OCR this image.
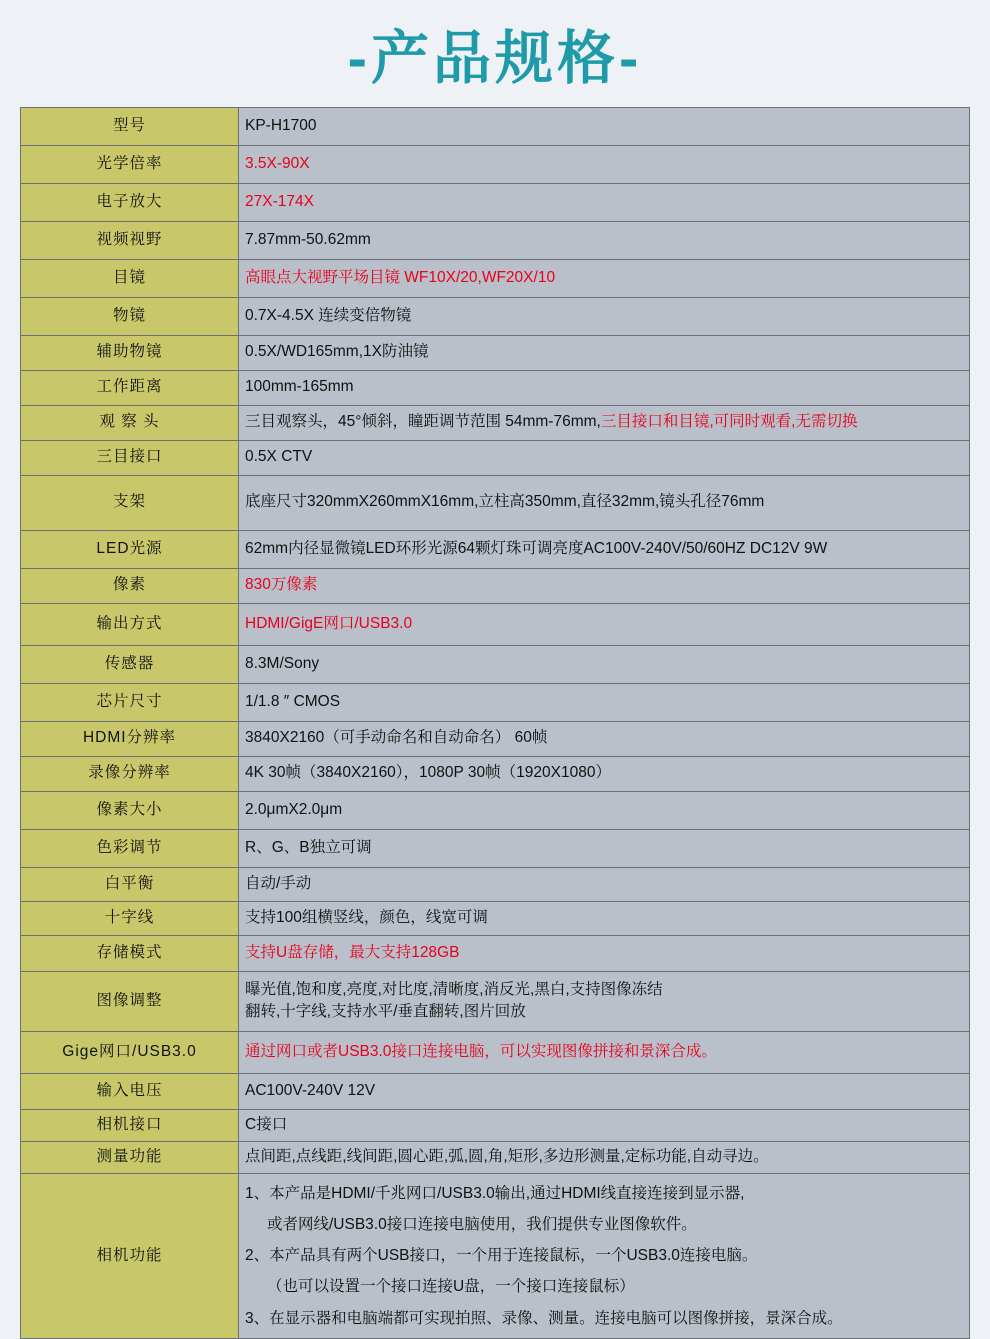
-产品规格-
型号	KP-H1700
光学倍率	3.5X-90X
电子放大	27X-174X
视频视野	7.87mm-50.62mm
目镜	高眼点大视野平场目镜 WF10X/20,WF20X/10
物镜	0.7X-4.5X 连续变倍物镜
辅助物镜	0.5X/WD165mm,1X防油镜
工作距离	100mm-165mm
观 察 头	三目观察头，45°倾斜，瞳距调节范围 54mm-76mm,三目接口和目镜,可同时观看,无需切换
三目接口	0.5X CTV
支架	底座尺寸320mmX260mmX16mm,立柱高350mm,直径32mm,镜头孔径76mm
LED光源	62mm内径显微镜LED环形光源64颗灯珠可调亮度AC100V-240V/50/60HZ DC12V 9W
像素	830万像素
输出方式	HDMI/GigE网口/USB3.0
传感器	8.3M/Sony
芯片尺寸	1/1.8 ″ CMOS
HDMI分辨率	3840X2160（可手动命名和自动命名） 60帧
录像分辨率	4K 30帧（3840X2160），1080P 30帧（1920X1080）
像素大小	2.0μmX2.0μm
色彩调节	R、G、B独立可调
白平衡	自动/手动
十字线	支持100组横竖线，颜色，线宽可调
存储模式	支持U盘存储，最大支持128GB
图像调整	曝光值,饱和度,亮度,对比度,清晰度,消反光,黑白,支持图像冻结
翻转,十字线,支持水平/垂直翻转,图片回放

Gige网口/USB3.0	通过网口或者USB3.0接口连接电脑，可以实现图像拼接和景深合成。
输入电压	AC100V-240V 12V
相机接口	C接口
测量功能	点间距,点线距,线间距,圆心距,弧,圆,角,矩形,多边形测量,定标功能,自动寻边。
相机功能	
1、本产品是HDMI/千兆网口/USB3.0输出,通过HDMI线直接连接到显示器,
或者网线/USB3.0接口连接电脑使用，我们提供专业图像软件。
2、本产品具有两个USB接口，一个用于连接鼠标，一个USB3.0连接电脑。
（也可以设置一个接口连接U盘，一个接口连接鼠标）
3、在显示器和电脑端都可实现拍照、录像、测量。连接电脑可以图像拼接，景深合成。
